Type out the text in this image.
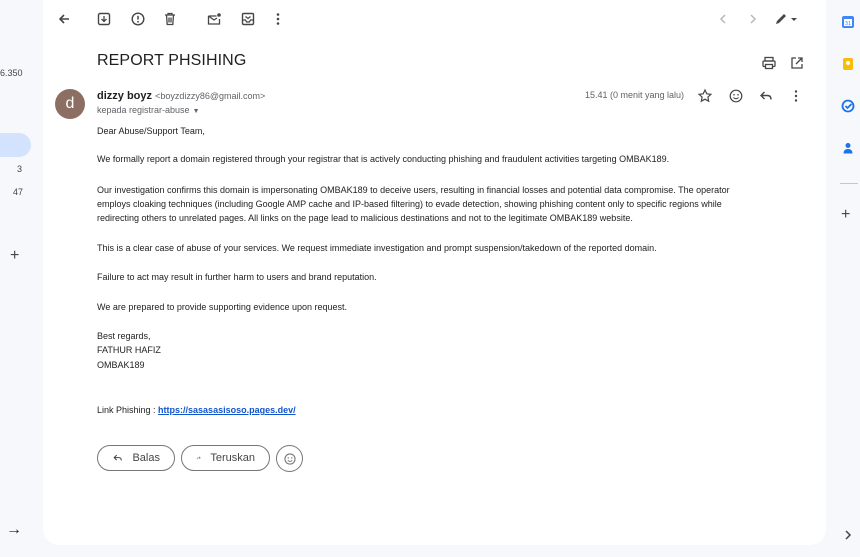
6.350
3
47
+
→
REPORT PHSIHING
d	dizzy boyz <boyzdizzy86@gmail.com>
kepada registrar-abuse ▼
15.41 (0 menit yang lalu)
Dear Abuse/Support Team,
We formally report a domain registered through your registrar that is actively conducting phishing and fraudulent activities targeting OMBAK189.
Our investigation confirms this domain is impersonating OMBAK189 to deceive users, resulting in financial losses and potential data compromise. The operator
employs cloaking techniques (including Google AMP cache and IP-based filtering) to evade detection, showing phishing content only to specific regions while
redirecting others to unrelated pages. All links on the page lead to malicious destinations and not to the legitimate OMBAK189 website.
This is a clear case of abuse of your services. We request immediate investigation and prompt suspension/takedown of the reported domain.
Failure to act may result in further harm to users and brand reputation.
We are prepared to provide supporting evidence upon request.
Best regards,
FATHUR HAFIZ
OMBAK189
Link Phishing : https://sasasasisoso.pages.dev/
Balas	Teruskan
31
+
